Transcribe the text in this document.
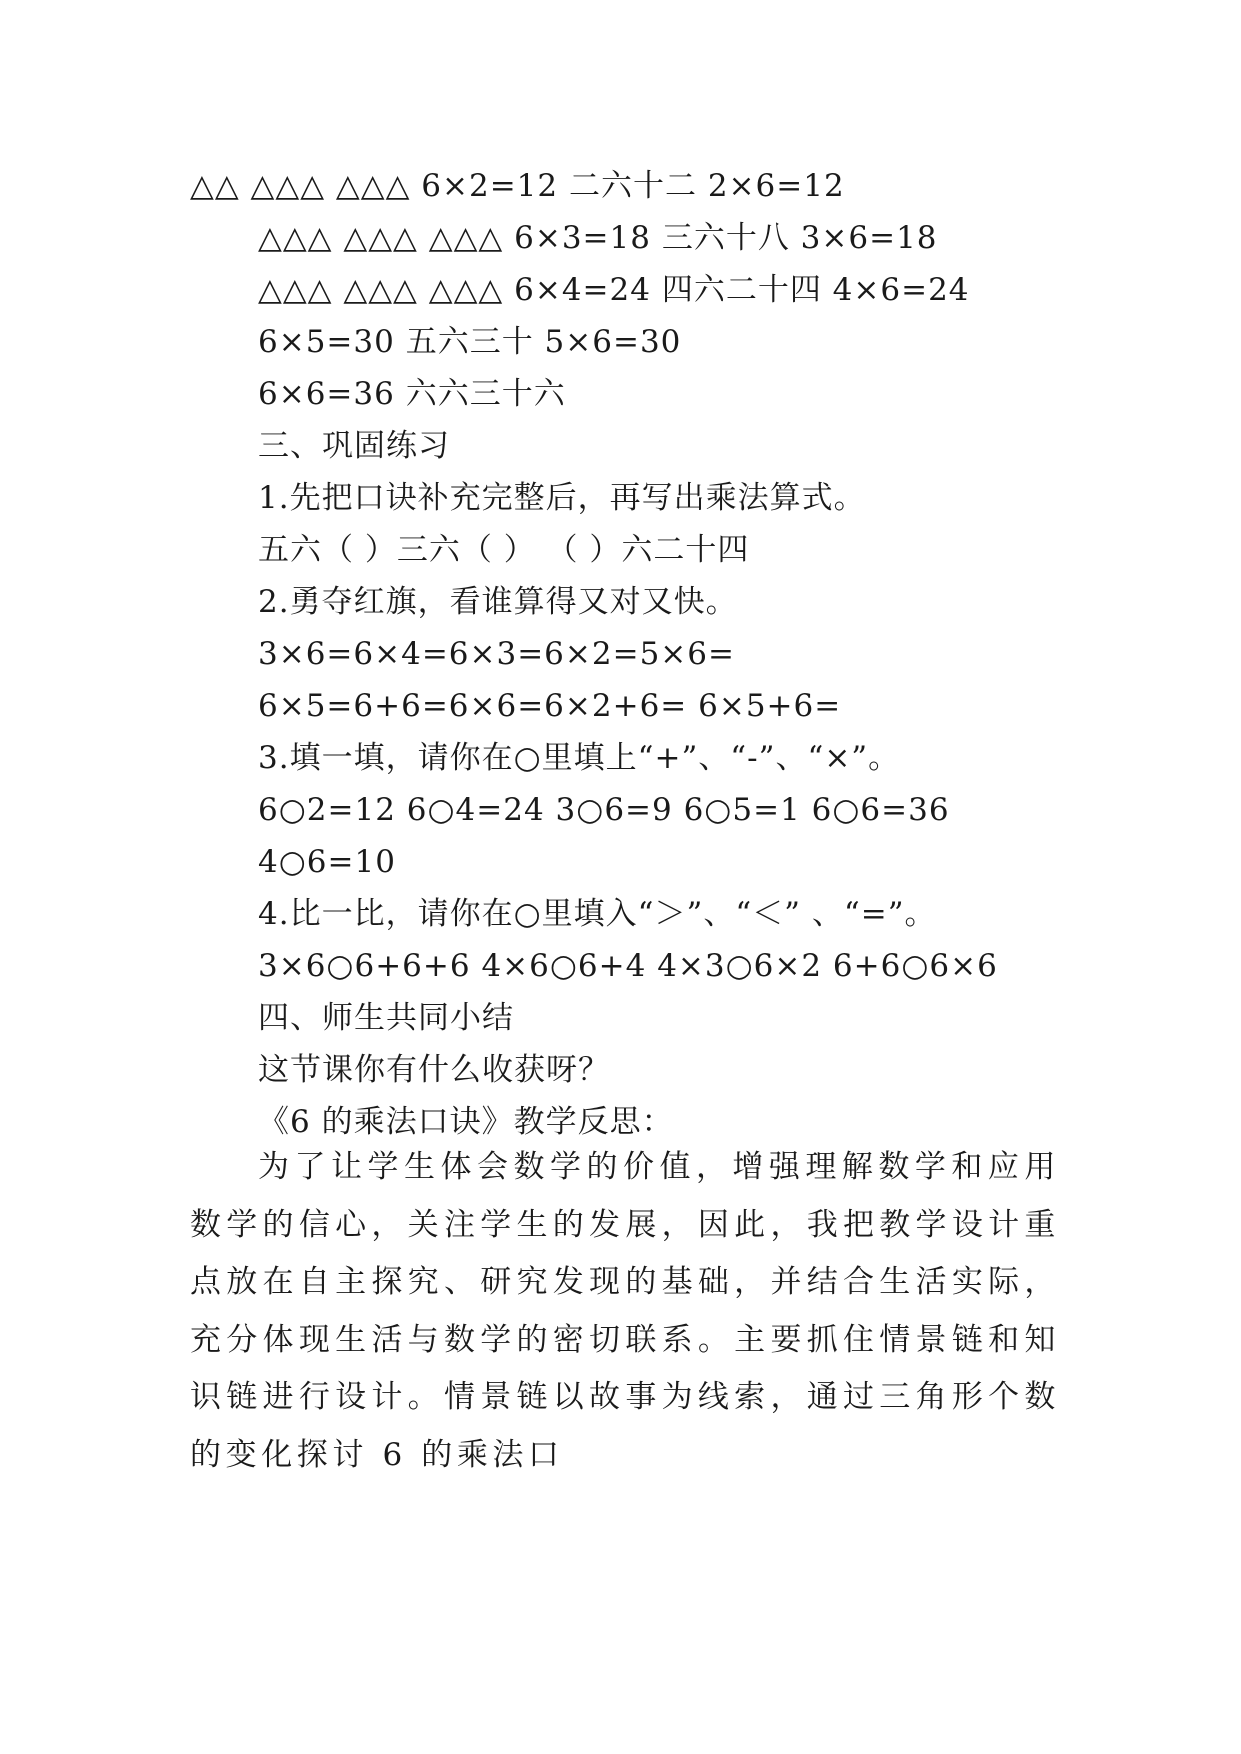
△△ △△△ △△△ 6×2=12 二六十二 2×6=12
△△△ △△△ △△△ 6×3=18 三六十八 3×6=18
△△△ △△△ △△△ 6×4=24 四六二十四 4×6=24
6×5=30 五六三十 5×6=30
6×6=36 六六三十六
三、巩固练习
1.先把口诀补充完整后，再写出乘法算式。
五六（ ）三六（ ） （ ）六二十四
2.勇夺红旗，看谁算得又对又快。
3×6=6×4=6×3=6×2=5×6=
6×5=6+6=6×6=6×2+6= 6×5+6=
3.填一填，请你在○里填上“+”、“-”、“×”。
6○2=12 6○4=24 3○6=9 6○5=1 6○6=36
4○6=10
4.比一比，请你在○里填入“＞”、“＜” 、“=”。
3×6○6+6+6 4×6○6+4 4×3○6×2 6+6○6×6
四、师生共同小结
这节课你有什么收获呀？
《6 的乘法口诀》教学反思：
为了让学生体会数学的价值，增强理解数学和应用数学的信心，关注学生的发展，因此，我把教学设计重点放在自主探究、研究发现的基础，并结合生活实际，充分体现生活与数学的密切联系。主要抓住情景链和知识链进行设计。情景链以故事为线索，通过三角形个数的变化探讨 6 的乘法口
